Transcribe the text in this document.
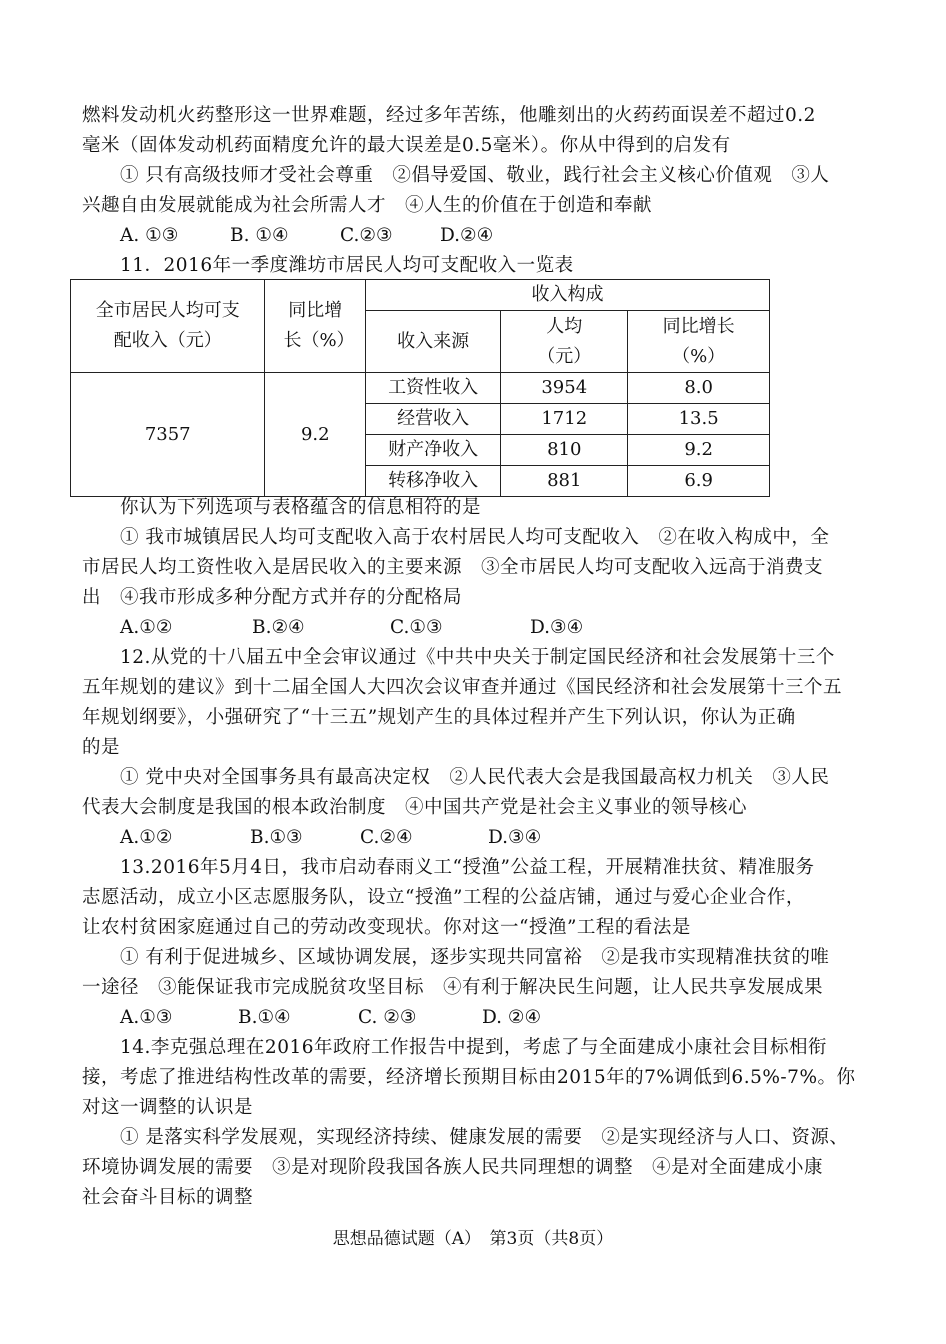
燃料发动机火药整形这一世界难题，经过多年苦练，他雕刻出的火药药面误差不超过0.2
毫米（固体发动机药面精度允许的最大误差是0.5毫米）。你从中得到的启发有
① 只有高级技师才受社会尊重　②倡导爱国、敬业，践行社会主义核心价值观　③人
兴趣自由发展就能成为社会所需人才　④人生的价值在于创造和奉献
A. ①③	B. ①④	C.②③	D.②④
11．2016年一季度潍坊市居民人均可支配收入一览表
全市居民人均可支配收入（元）	同比增长（%）	收入构成		
		收入来源	人均（元）	同比增长（%）
7357	9.2	工资性收入	3954	8.0
		经营收入	1712	13.5
		财产净收入	810	9.2
		转移净收入	881	6.9
你认为下列选项与表格蕴含的信息相符的是
① 我市城镇居民人均可支配收入高于农村居民人均可支配收入　②在收入构成中，全
市居民人均工资性收入是居民收入的主要来源　③全市居民人均可支配收入远高于消费支
出　④我市形成多种分配方式并存的分配格局
A.①②	B.②④	C.①③	D.③④
12.从党的十八届五中全会审议通过《中共中央关于制定国民经济和社会发展第十三个
五年规划的建议》到十二届全国人大四次会议审查并通过《国民经济和社会发展第十三个五
年规划纲要》，小强研究了“十三五”规划产生的具体过程并产生下列认识，你认为正确
的是
① 党中央对全国事务具有最高决定权　②人民代表大会是我国最高权力机关　③人民
代表大会制度是我国的根本政治制度　④中国共产党是社会主义事业的领导核心
A.①②	B.①③	C.②④	D.③④
13.2016年5月4日，我市启动春雨义工“授渔”公益工程，开展精准扶贫、精准服务
志愿活动，成立小区志愿服务队，设立“授渔”工程的公益店铺，通过与爱心企业合作，
让农村贫困家庭通过自己的劳动改变现状。你对这一“授渔”工程的看法是
① 有利于促进城乡、区域协调发展，逐步实现共同富裕　②是我市实现精准扶贫的唯
一途径　③能保证我市完成脱贫攻坚目标　④有利于解决民生问题，让人民共享发展成果
A.①③	B.①④	C. ②③	D. ②④
14.李克强总理在2016年政府工作报告中提到，考虑了与全面建成小康社会目标相衔
接，考虑了推进结构性改革的需要，经济增长预期目标由2015年的7%调低到6.5%-7%。你
对这一调整的认识是
① 是落实科学发展观，实现经济持续、健康发展的需要　②是实现经济与人口、资源、
环境协调发展的需要　③是对现阶段我国各族人民共同理想的调整　④是对全面建成小康
社会奋斗目标的调整
思想品德试题（A）　第3页（共8页）
